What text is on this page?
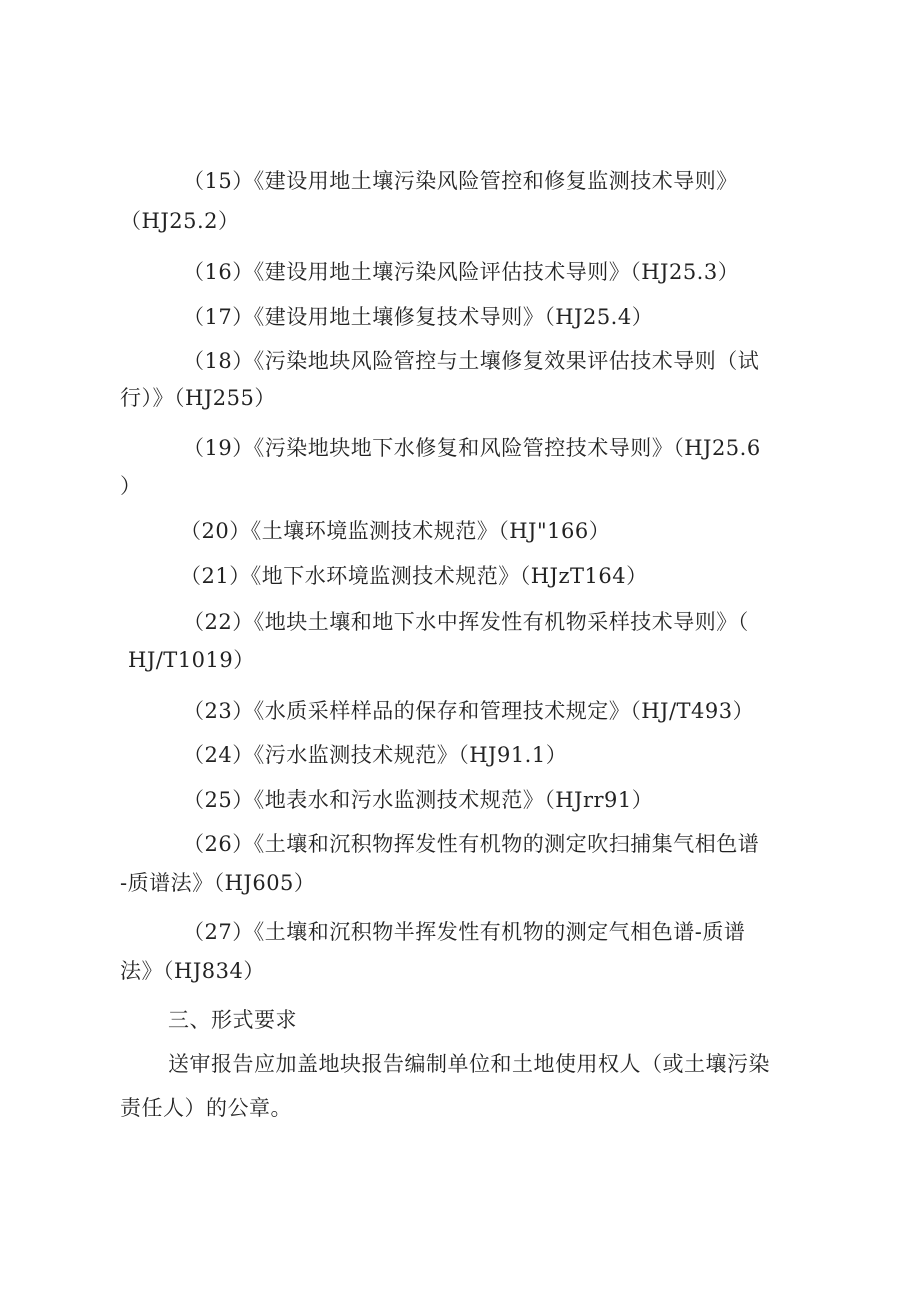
（15）《建设用地土壤污染风险管控和修复监测技术导则》
（HJ25.2）
（16）《建设用地土壤污染风险评估技术导则》（HJ25.3）
（17）《建设用地土壤修复技术导则》（HJ25.4）
（18）《污染地块风险管控与土壤修复效果评估技术导则（试
行）》（HJ255）
（19）《污染地块地下水修复和风险管控技术导则》（HJ25.6
）
（20）《土壤环境监测技术规范》（HJ"166）
（21）《地下水环境监测技术规范》（HJzT164）
（22）《地块土壤和地下水中挥发性有机物采样技术导则》（
HJ/T1019）
（23）《水质采样样品的保存和管理技术规定》（HJ/T493）
（24）《污水监测技术规范》（HJ91.1）
（25）《地表水和污水监测技术规范》（HJrr91）
（26）《土壤和沉积物挥发性有机物的测定吹扫捕集气相色谱
-质谱法》（HJ605）
（27）《土壤和沉积物半挥发性有机物的测定气相色谱-质谱
法》（HJ834）
三、形式要求
送审报告应加盖地块报告编制单位和土地使用权人（或土壤污染
责任人）的公章。
